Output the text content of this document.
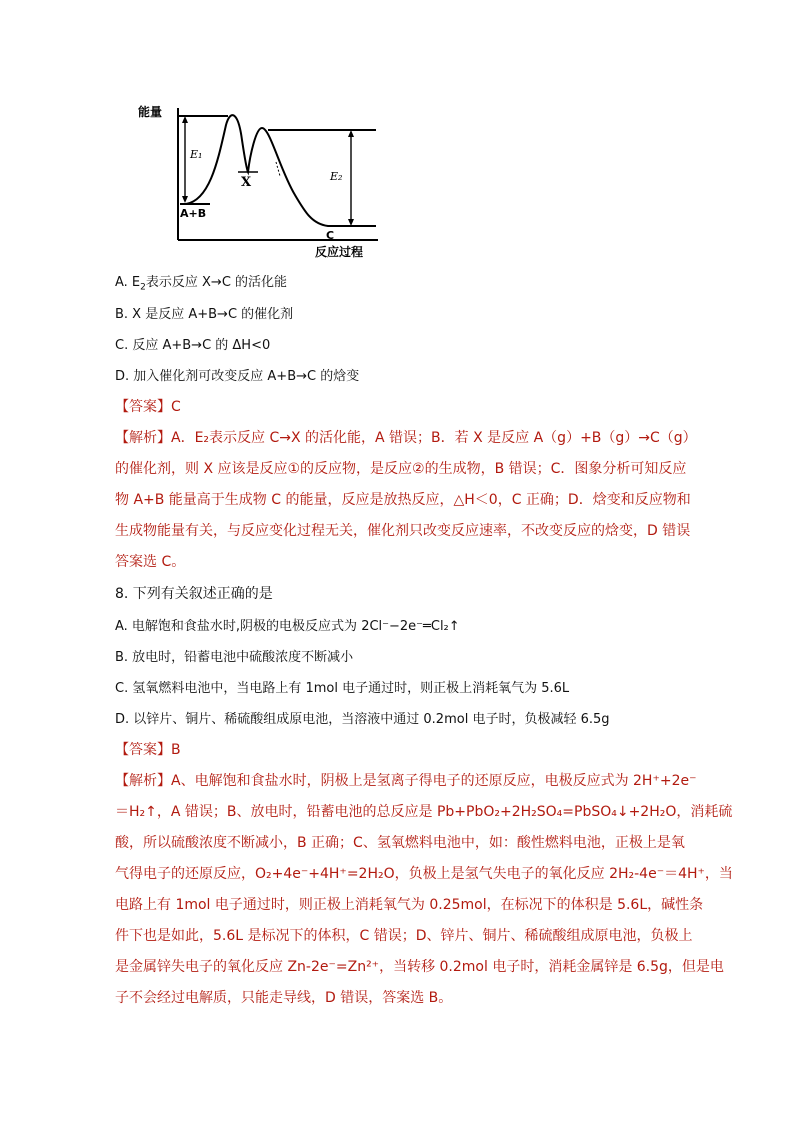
能量
反应过程
A+B
E₁
X	E₂
C
A. $E_2$表示反应 X→C 的活化能
B. X 是反应 A+B→C 的催化剂
C. 反应 A+B→C 的 ΔH<0
D. 加入催化剂可改变反应 A+B→C 的焓变
【答案】C
【解析】A．E₂表示反应 C→X 的活化能，A 错误；B．若 X 是反应 A（g）+B（g）→C（g）
的催化剂，则 X 应该是反应①的反应物，是反应②的生成物，B 错误；C．图象分析可知反应
物 A+B 能量高于生成物 C 的能量，反应是放热反应，△H＜0，C 正确；D．焓变和反应物和
生成物能量有关，与反应变化过程无关，催化剂只改变反应速率，不改变反应的焓变，D 错误
答案选 C。
8. 下列有关叙述正确的是
A. 电解饱和食盐水时,阴极的电极反应式为 2Cl⁻−2e⁻═Cl₂↑
B. 放电时，铅蓄电池中硫酸浓度不断减小
C. 氢氧燃料电池中，当电路上有 1mol 电子通过时，则正极上消耗氧气为 5.6L
D. 以锌片、铜片、稀硫酸组成原电池，当溶液中通过 0.2mol 电子时，负极减轻 6.5g
【答案】B
【解析】A、电解饱和食盐水时，阴极上是氢离子得电子的还原反应，电极反应式为 2H⁺+2e⁻
＝H₂↑，A 错误；B、放电时，铅蓄电池的总反应是 Pb+PbO₂+2H₂SO₄=PbSO₄↓+2H₂O，消耗硫
酸，所以硫酸浓度不断减小，B 正确；C、氢氧燃料电池中，如：酸性燃料电池，正极上是氧
气得电子的还原反应，O₂+4e⁻+4H⁺=2H₂O，负极上是氢气失电子的氧化反应 2H₂-4e⁻＝4H⁺，当
电路上有 1mol 电子通过时，则正极上消耗氧气为 0.25mol，在标况下的体积是 5.6L，碱性条
件下也是如此，5.6L 是标况下的体积，C 错误；D、锌片、铜片、稀硫酸组成原电池，负极上
是金属锌失电子的氧化反应 Zn-2e⁻=Zn²⁺，当转移 0.2mol 电子时，消耗金属锌是 6.5g，但是电
子不会经过电解质，只能走导线，D 错误，答案选 B。
